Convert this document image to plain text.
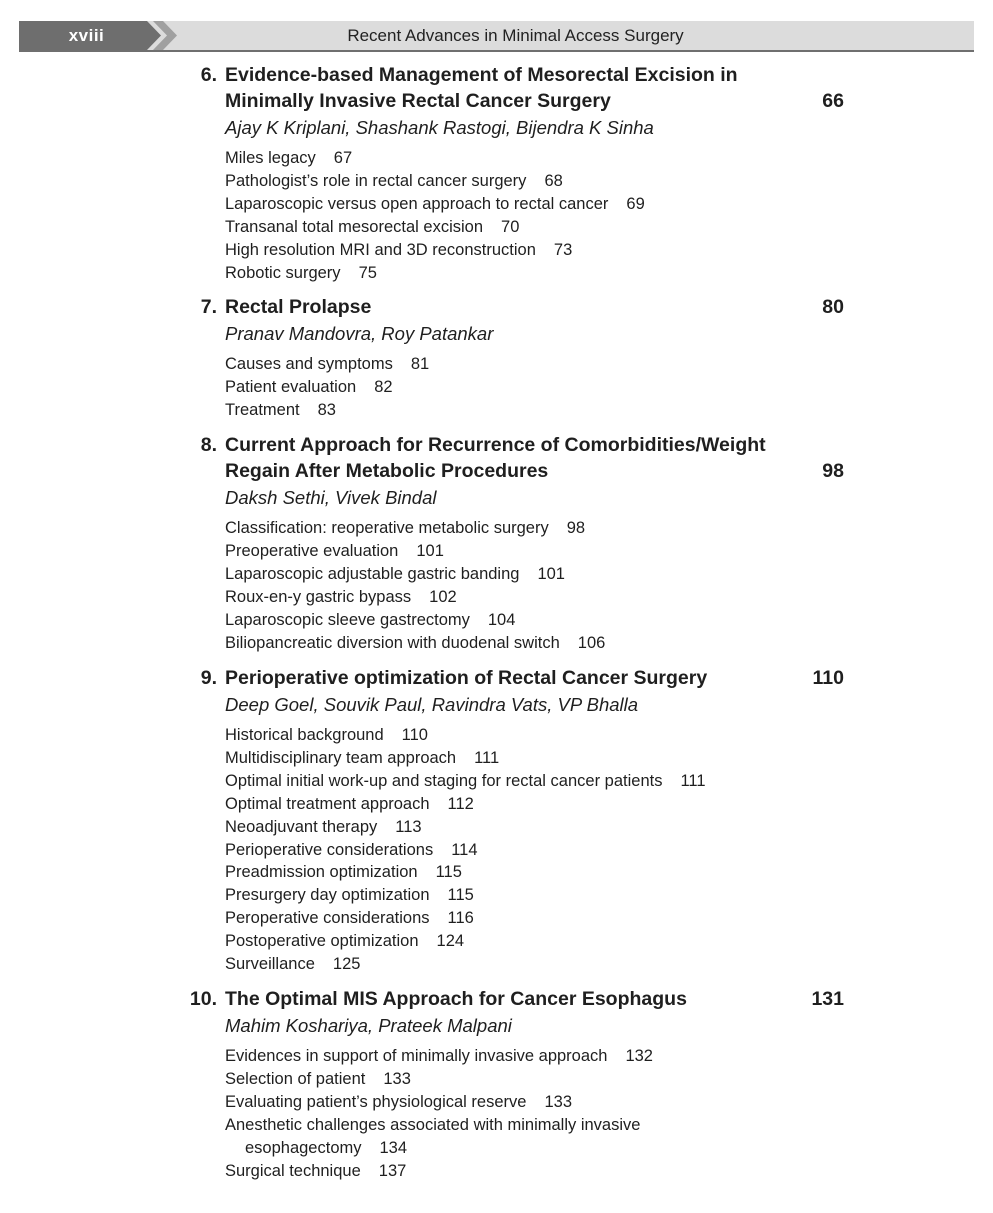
xviii	Recent Advances in Minimal Access Surgery
6. Evidence-based Management of Mesorectal Excision in
Minimally Invasive Rectal Cancer Surgery	66
Ajay K Kriplani, Shashank Rastogi, Bijendra K Sinha
Miles legacy 67
Pathologist’s role in rectal cancer surgery 68
Laparoscopic versus open approach to rectal cancer 69
Transanal total mesorectal excision 70
High resolution MRI and 3D reconstruction 73
Robotic surgery 75
7. Rectal Prolapse	80
Pranav Mandovra, Roy Patankar
Causes and symptoms 81
Patient evaluation 82
Treatment 83
8. Current Approach for Recurrence of Comorbidities/Weight
Regain After Metabolic Procedures	98
Daksh Sethi, Vivek Bindal
Classification: reoperative metabolic surgery 98
Preoperative evaluation 101
Laparoscopic adjustable gastric banding 101
Roux-en-y gastric bypass 102
Laparoscopic sleeve gastrectomy 104
Biliopancreatic diversion with duodenal switch 106
9. Perioperative optimization of Rectal Cancer Surgery	110
Deep Goel, Souvik Paul, Ravindra Vats, VP Bhalla
Historical background 110
Multidisciplinary team approach 111
Optimal initial work-up and staging for rectal cancer patients 111
Optimal treatment approach 112
Neoadjuvant therapy 113
Perioperative considerations 114
Preadmission optimization 115
Presurgery day optimization 115
Peroperative considerations 116
Postoperative optimization 124
Surveillance 125
10. The Optimal MIS Approach for Cancer Esophagus	131
Mahim Koshariya, Prateek Malpani
Evidences in support of minimally invasive approach 132
Selection of patient 133
Evaluating patient’s physiological reserve 133
Anesthetic challenges associated with minimally invasive
esophagectomy 134
Surgical technique 137
